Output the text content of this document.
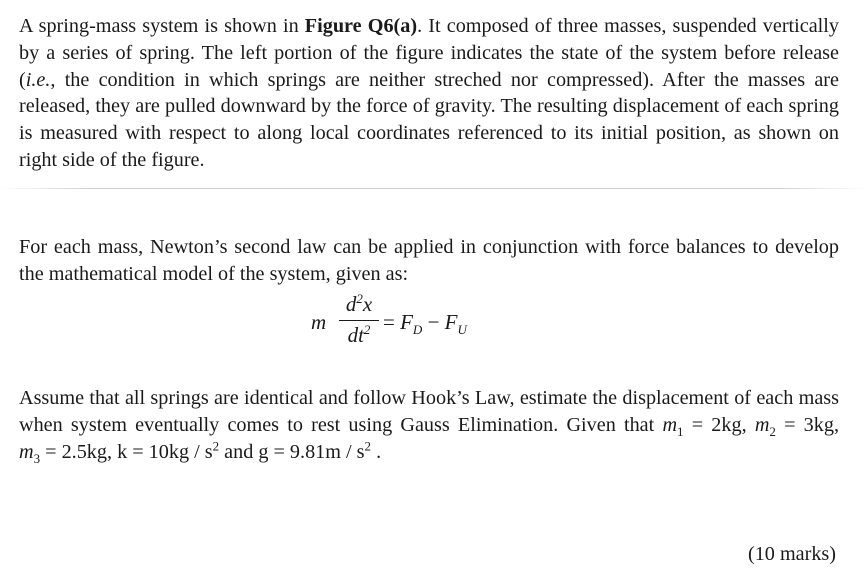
A spring-mass system is shown in Figure Q6(a). It composed of three masses, suspended vertically by a series of spring. The left portion of the figure indicates the state of the system before release (i.e., the condition in which springs are neither streched nor compressed). After the masses are released, they are pulled downward by the force of gravity. The resulting displacement of each spring is measured with respect to along local coordinates referenced to its initial position, as shown on right side of the figure.

For each mass, Newton’s second law can be applied in conjunction with force balances to develop the mathematical model of the system, given as:

m
$d^2x$
$dt^2 = F_D - F_U$

Assume that all springs are identical and follow Hook’s Law, estimate the displacement of each mass when system eventually comes to rest using Gauss Elimination. Given that $m_1 = 2kg$, $m_2 = 3kg$, $m_3 = 2.5kg$, $k = 10kg / s^2$ and $g = 9.81m / s^2$ .

(10 marks)
